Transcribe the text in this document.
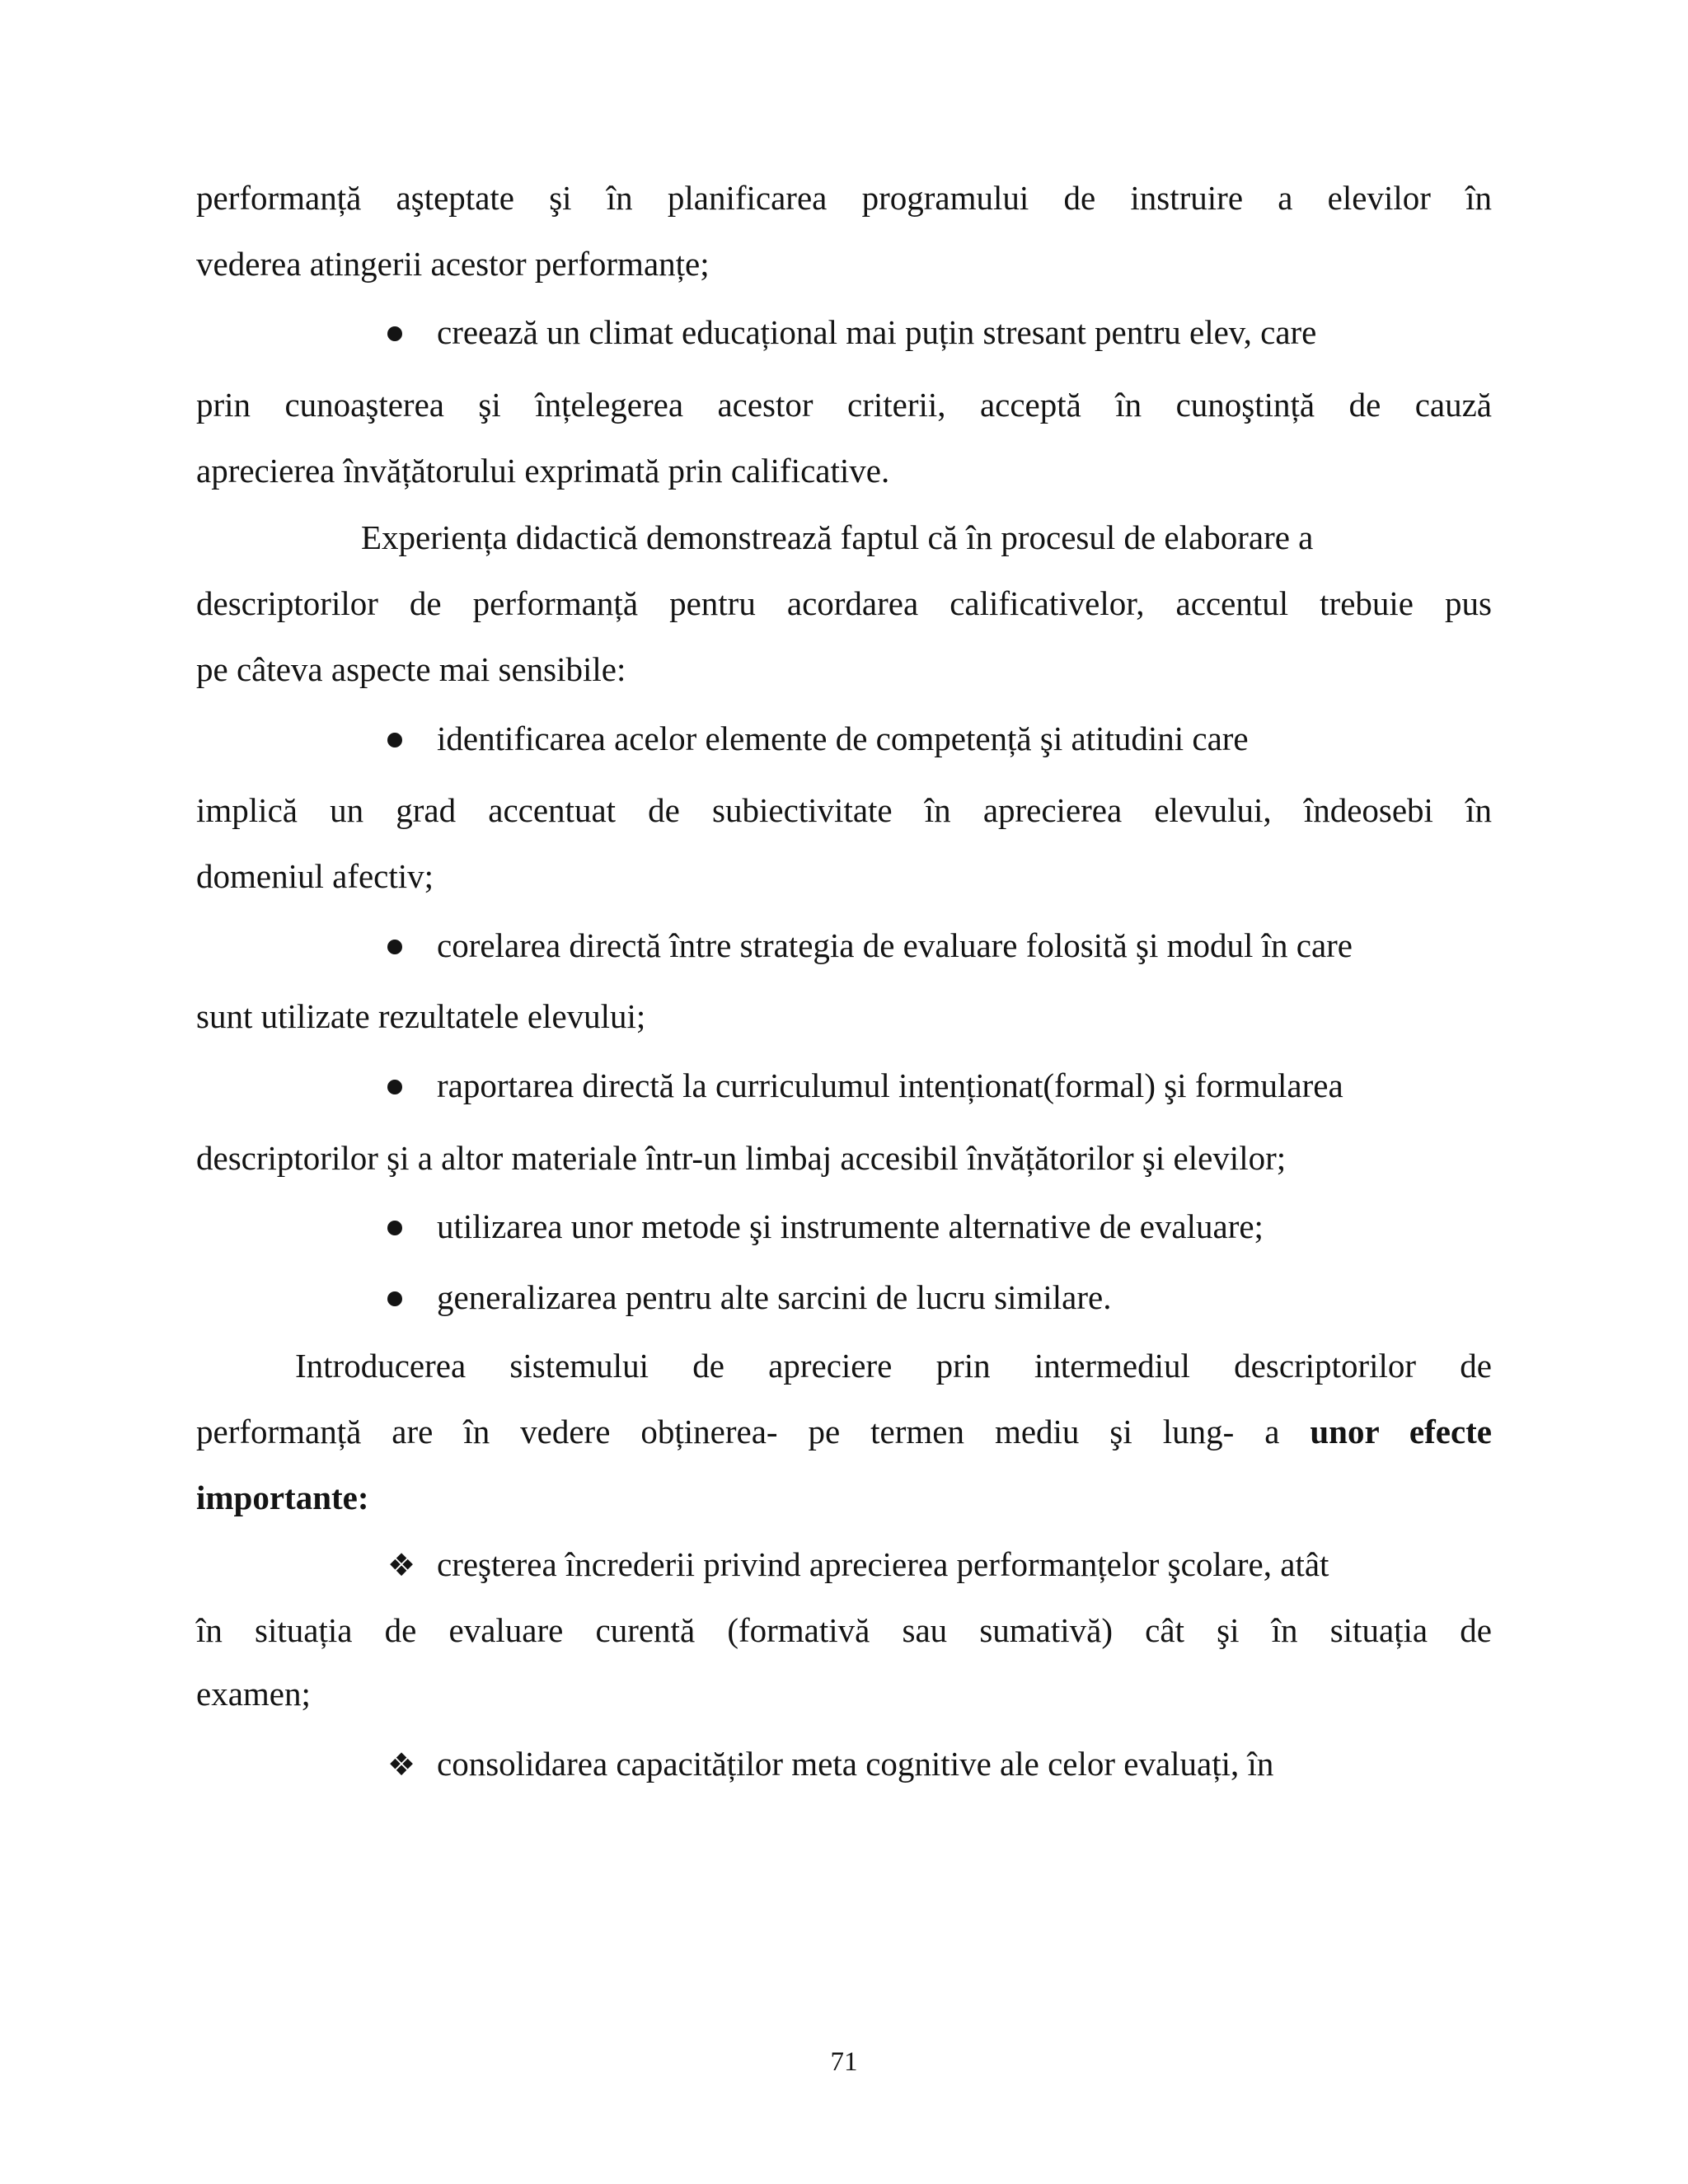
performanță aşteptate şi în planificarea programului de instruire a elevilor în
vederea atingerii acestor performanțe;
creează un climat educațional mai puțin stresant pentru elev, care
prin cunoaşterea şi înțelegerea acestor criterii, acceptă în cunoştință de cauză
aprecierea învățătorului exprimată prin calificative.
Experiența didactică demonstrează faptul că în procesul de elaborare a
descriptorilor de performanță pentru acordarea calificativelor, accentul trebuie pus
pe câteva aspecte mai sensibile:
identificarea acelor elemente de competență şi atitudini care
implică un grad accentuat de subiectivitate în aprecierea elevului, îndeosebi în
domeniul afectiv;
corelarea directă între strategia de evaluare folosită şi modul în care
sunt utilizate rezultatele elevului;
raportarea directă la curriculumul intenționat(formal) şi formularea
descriptorilor şi a altor materiale într-un limbaj accesibil învățătorilor şi elevilor;
utilizarea unor metode şi instrumente alternative de evaluare;
generalizarea pentru alte sarcini de lucru similare.
Introducerea sistemului de apreciere prin intermediul descriptorilor de
performanță are în vedere obținerea- pe termen mediu şi lung- a unor efecte
importante:
❖ creşterea încrederii privind aprecierea performanțelor şcolare, atât
în situația de evaluare curentă (formativă sau sumativă) cât şi în situația de
examen;
❖ consolidarea capacităților meta cognitive ale celor evaluați, în
71
